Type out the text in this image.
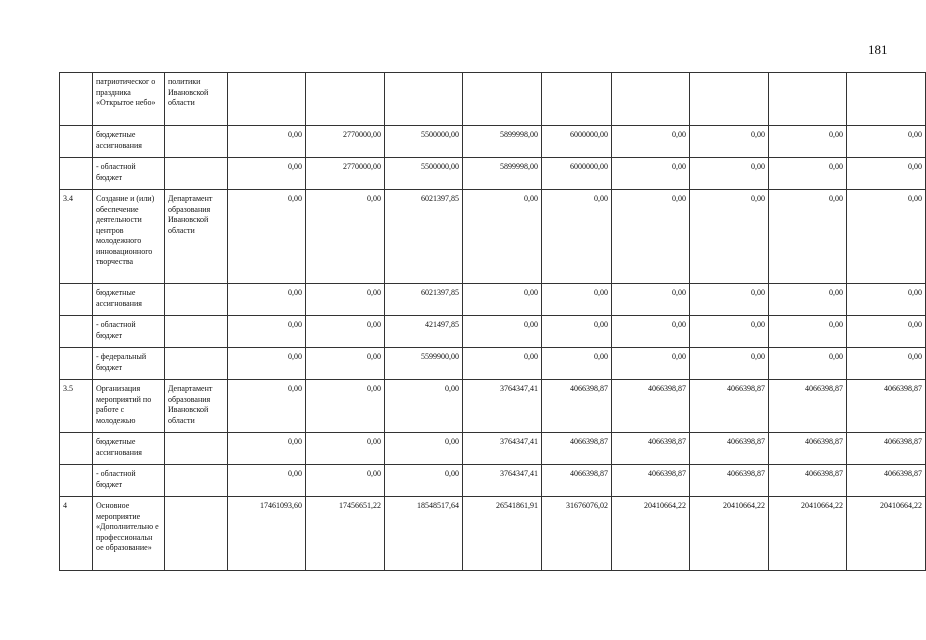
181
	патриотическог о праздника «Открытое небо»	политики Ивановской области									
	бюджетные ассигнования		0,00	2770000,00	5500000,00	5899998,00	6000000,00	0,00	0,00	0,00	0,00
	- областной бюджет		0,00	2770000,00	5500000,00	5899998,00	6000000,00	0,00	0,00	0,00	0,00
3.4	Создание и (или) обеспечение деятельности центров молодежного инновационного творчества	Департамент образования Ивановской области	0,00	0,00	6021397,85	0,00	0,00	0,00	0,00	0,00	0,00
	бюджетные ассигнования		0,00	0,00	6021397,85	0,00	0,00	0,00	0,00	0,00	0,00
	- областной бюджет		0,00	0,00	421497,85	0,00	0,00	0,00	0,00	0,00	0,00
	- федеральный бюджет		0,00	0,00	5599900,00	0,00	0,00	0,00	0,00	0,00	0,00
3.5	Организация мероприятий по работе с молодежью	Департамент образования Ивановской области	0,00	0,00	0,00	3764347,41	4066398,87	4066398,87	4066398,87	4066398,87	4066398,87
	бюджетные ассигнования		0,00	0,00	0,00	3764347,41	4066398,87	4066398,87	4066398,87	4066398,87	4066398,87
	- областной бюджет		0,00	0,00	0,00	3764347,41	4066398,87	4066398,87	4066398,87	4066398,87	4066398,87
4	Основное мероприятие «Дополнительно е профессиональн ое образование»		17461093,60	17456651,22	18548517,64	26541861,91	31676076,02	20410664,22	20410664,22	20410664,22	20410664,22
